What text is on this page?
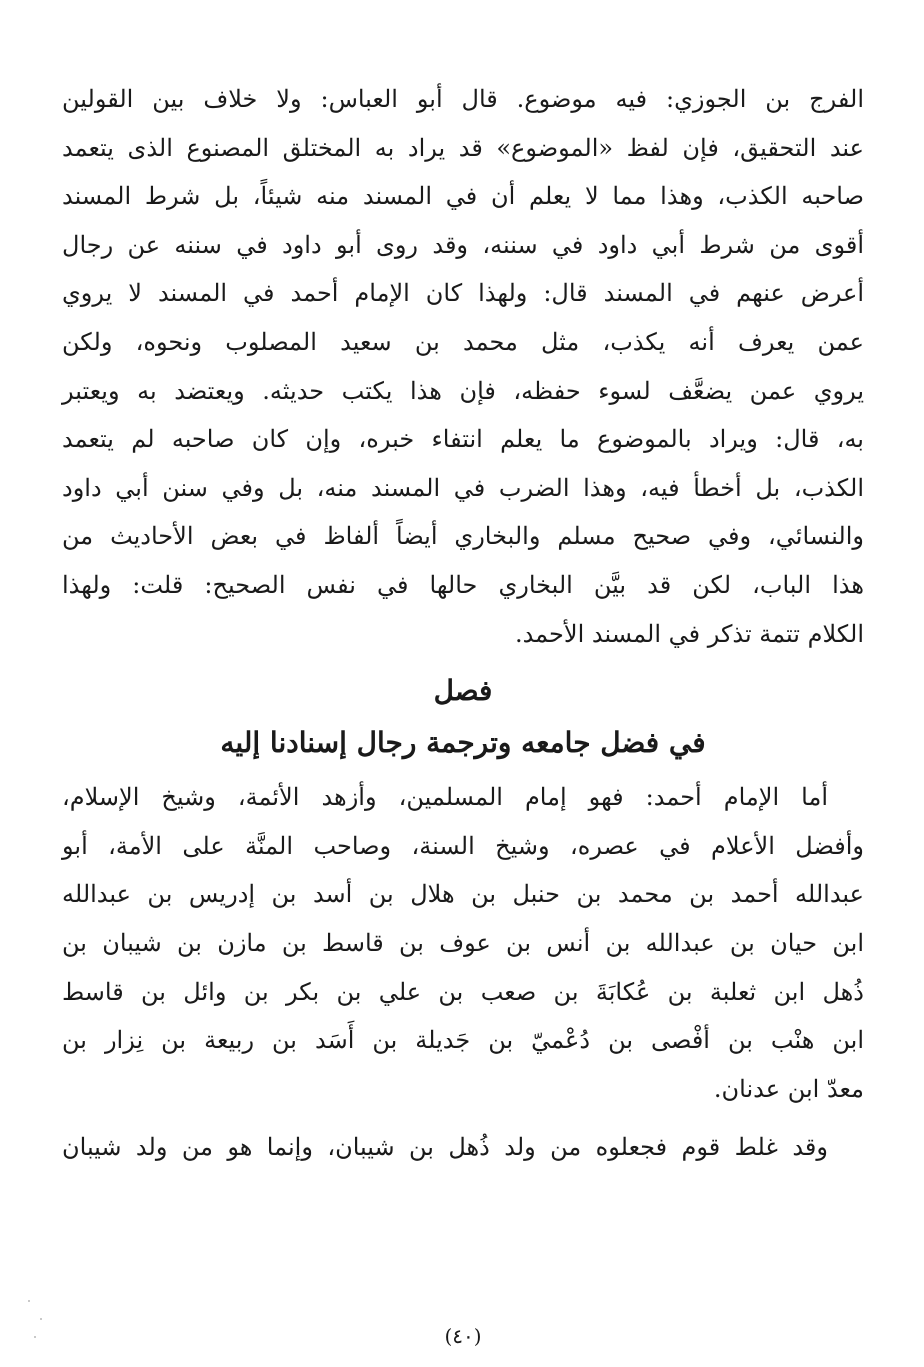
الفرج بن الجوزي: فيه موضوع. قال أبو العباس: ولا خلاف بين القولين
عند التحقيق، فإن لفظ «الموضوع» قد يراد به المختلق المصنوع الذى يتعمد
صاحبه الكذب، وهذا مما لا يعلم أن في المسند منه شيئاً، بل شرط المسند
أقوى من شرط أبي داود في سننه، وقد روى أبو داود في سننه عن رجال
أعرض عنهم في المسند قال: ولهذا كان الإمام أحمد في المسند لا يروي
عمن يعرف أنه يكذب، مثل محمد بن سعيد المصلوب ونحوه، ولكن
يروي عمن يضعَّف لسوء حفظه، فإن هذا يكتب حديثه. ويعتضد به ويعتبر
به، قال: ويراد بالموضوع ما يعلم انتفاء خبره، وإن كان صاحبه لم يتعمد
الكذب، بل أخطأ فيه، وهذا الضرب في المسند منه، بل وفي سنن أبي داود
والنسائي، وفي صحيح مسلم والبخاري أيضاً ألفاظ في بعض الأحاديث من
هذا الباب، لكن قد بيَّن البخاري حالها في نفس الصحيح: قلت: ولهذا
الكلام تتمة تذكر في المسند الأحمد.

فصل
في فضل جامعه وترجمة رجال إسنادنا إليه

أما الإمام أحمد: فهو إمام المسلمين، وأزهد الأئمة، وشيخ الإسلام،
وأفضل الأعلام في عصره، وشيخ السنة، وصاحب المنَّة على الأمة، أبو
عبدالله أحمد بن محمد بن حنبل بن هلال بن أسد بن إدريس بن عبدالله
ابن حيان بن عبدالله بن أنس بن عوف بن قاسط بن مازن بن شيبان بن
ذُهل ابن ثعلبة بن عُكابَةَ بن صعب بن علي بن بكر بن وائل بن قاسط
ابن هنْب بن أفْصى بن دُعْميّ بن جَديلة بن أَسَد بن ربيعة بن نِزار بن
معدّ ابن عدنان.

وقد غلط قوم فجعلوه من ولد ذُهل بن شيبان، وإنما هو من ولد شيبان

(٤٠)
